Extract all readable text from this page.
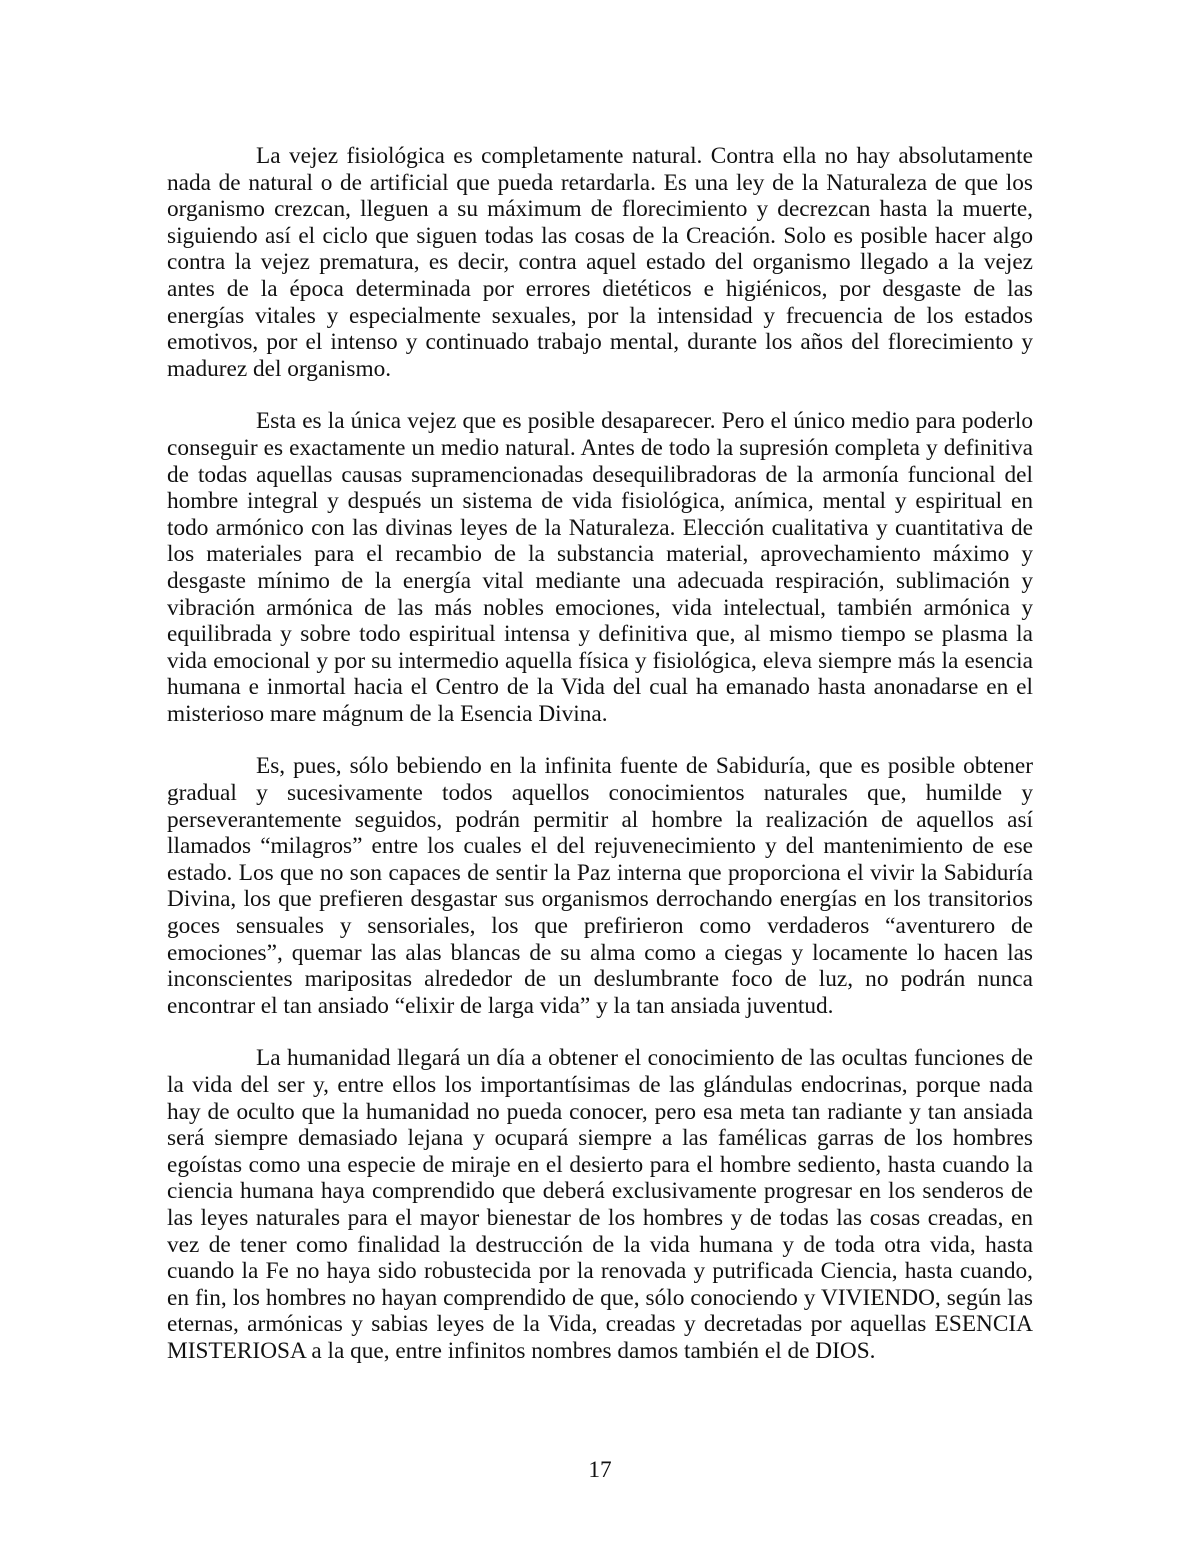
La vejez fisiológica es completamente natural. Contra ella no hay absolutamente nada de natural o de artificial que pueda retardarla. Es una ley de la Naturaleza de que los organismo crezcan, lleguen a su máximum de florecimiento y decrezcan hasta la muerte, siguiendo así el ciclo que siguen todas las cosas de la Creación. Solo es posible hacer algo contra la vejez prematura, es decir, contra aquel estado del organismo llegado a la vejez antes de la época determinada por errores dietéticos e higiénicos, por desgaste de las energías vitales y especialmente sexuales, por la intensidad y frecuencia de los estados emotivos, por el intenso y continuado trabajo mental, durante los años del florecimiento y madurez del organismo.

Esta es la única vejez que es posible desaparecer. Pero el único medio para poderlo conseguir es exactamente un medio natural. Antes de todo la supresión completa y definitiva de todas aquellas causas supramencionadas desequilibradoras de la armonía funcional del hombre integral y después un sistema de vida fisiológica, anímica, mental y espiritual en todo armónico con las divinas leyes de la Naturaleza. Elección cualitativa y cuantitativa de los materiales para el recambio de la substancia material, aprovechamiento máximo y desgaste mínimo de la energía vital mediante una adecuada respiración, sublimación y vibración armónica de las más nobles emociones, vida intelectual, también armónica y equilibrada y sobre todo espiritual intensa y definitiva que, al mismo tiempo se plasma la vida emocional y por su intermedio aquella física y fisiológica, eleva siempre más la esencia humana e inmortal hacia el Centro de la Vida del cual ha emanado hasta anonadarse en el misterioso mare mágnum de la Esencia Divina.

Es, pues, sólo bebiendo en la infinita fuente de Sabiduría, que es posible obtener gradual y sucesivamente todos aquellos conocimientos naturales que, humilde y perseverantemente seguidos, podrán permitir al hombre la realización de aquellos así llamados “milagros” entre los cuales el del rejuvenecimiento y del mantenimiento de ese estado. Los que no son capaces de sentir la Paz interna que proporciona el vivir la Sabiduría Divina, los que prefieren desgastar sus organismos derrochando energías en los transitorios goces sensuales y sensoriales, los que prefirieron como verdaderos “aventurero de emociones”, quemar las alas blancas de su alma como a ciegas y locamente lo hacen las inconscientes maripositas alrededor de un deslumbrante foco de luz, no podrán nunca encontrar el tan ansiado “elixir de larga vida” y la tan ansiada juventud.

La humanidad llegará un día a obtener el conocimiento de las ocultas funciones de la vida del ser y, entre ellos los importantísimas de las glándulas endocrinas, porque nada hay de oculto que la humanidad no pueda conocer, pero esa meta tan radiante y tan ansiada será siempre demasiado lejana y ocupará siempre a las famélicas garras de los hombres egoístas como una especie de miraje en el desierto para el hombre sediento, hasta cuando la ciencia humana haya comprendido que deberá exclusivamente progresar en los senderos de las leyes naturales para el mayor bienestar de los hombres y de todas las cosas creadas, en vez de tener como finalidad la destrucción de la vida humana y de toda otra vida, hasta cuando la Fe no haya sido robustecida por la renovada y putrificada Ciencia, hasta cuando, en fin, los hombres no hayan comprendido de que, sólo conociendo y VIVIENDO, según las eternas, armónicas y sabias leyes de la Vida, creadas y decretadas por aquellas ESENCIA MISTERIOSA a la que, entre infinitos nombres damos también el de DIOS.

17
